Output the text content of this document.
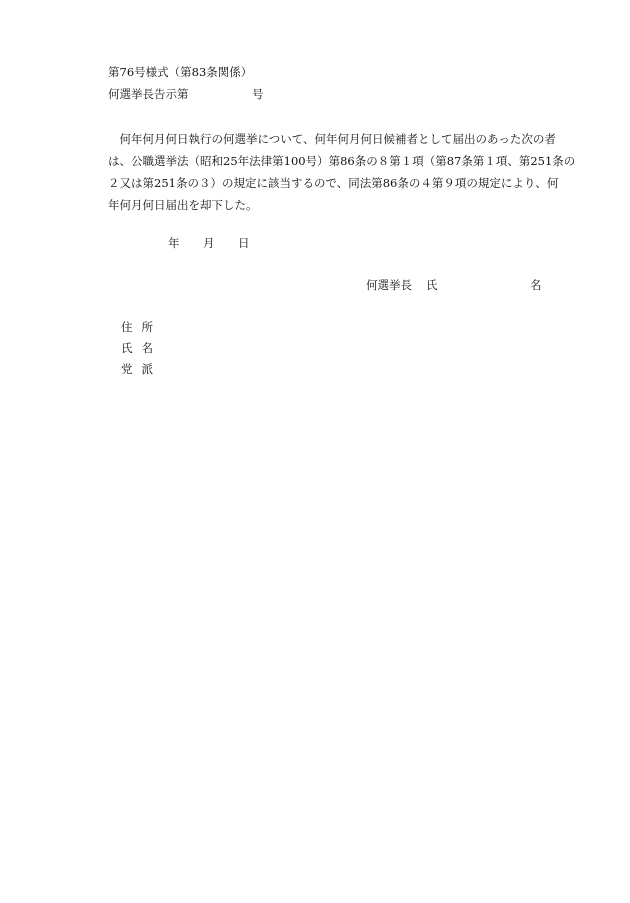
第76号様式（第83条関係）
何選挙長告示第	号
　何年何月何日執行の何選挙について、何年何月何日候補者として届出のあった次の者
は、公職選挙法（昭和25年法律第100号）第86条の８第１項（第87条第１項、第251条の
２又は第251条の３）の規定に該当するので、同法第86条の４第９項の規定により、何
年何月何日届出を却下した。
年 月 日
何選挙長 氏	名
住所
氏名
党派
